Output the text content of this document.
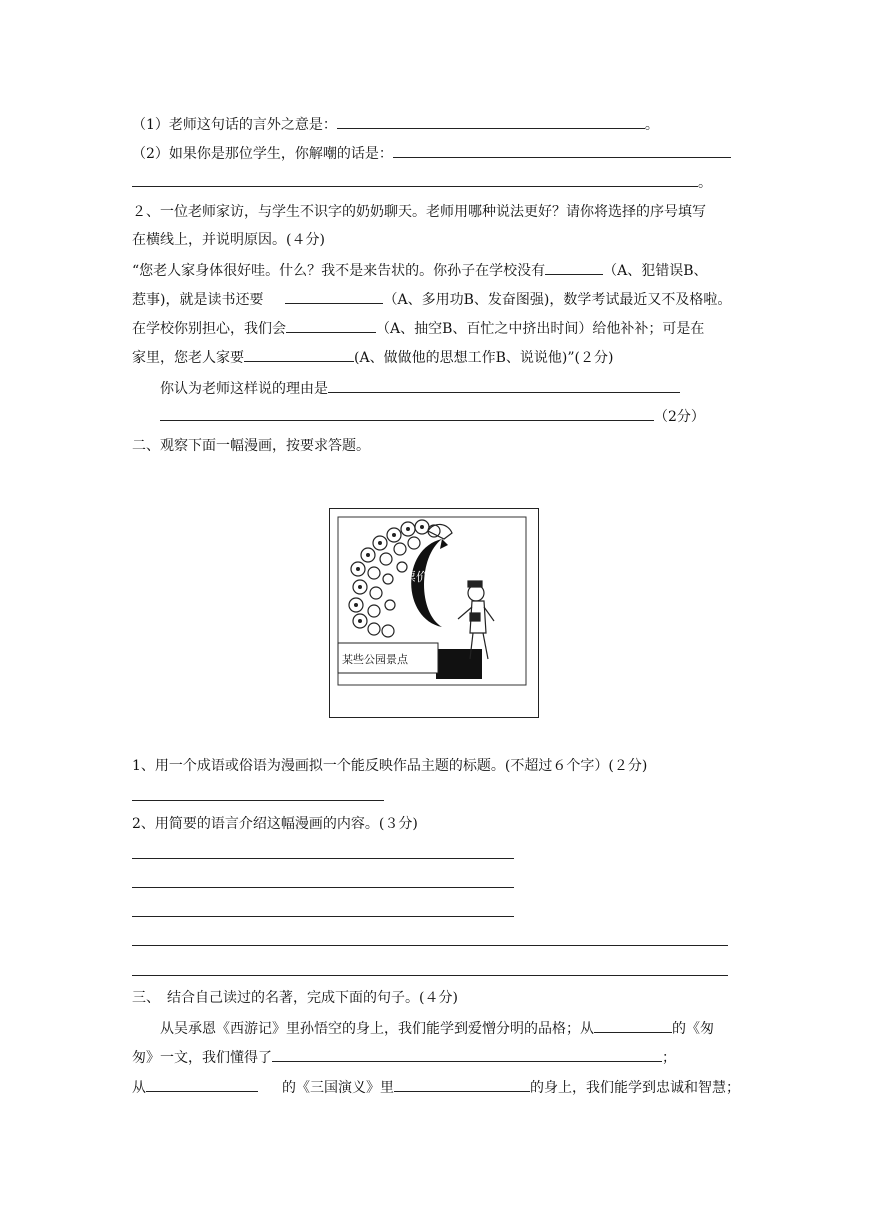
（1）老师这句话的言外之意是：	。
（2）如果你是那位学生，你解嘲的话是：
。
２、一位老师家访，与学生不识字的奶奶聊天。老师用哪种说法更好？请你将选择的序号填写
在横线上，并说明原因。(４分)
“您老人家身体很好哇。什么？我不是来告状的。你孙子在学校没有	（A、犯错误B、
惹事)，就是读书还要	（A、多用功B、发奋图强)，数学考试最近又不及格啦。
在学校你别担心，我们会	（A、抽空B、百忙之中挤出时间）给他补补；可是在
家里，您老人家要	(A、做做他的思想工作B、说说他)”(２分)
你认为老师这样说的理由是
（2分）
二、观察下面一幅漫画，按要求答题。
票价
某些公园景点
1、用一个成语或俗语为漫画拟一个能反映作品主题的标题。(不超过６个字）(２分)
2、用简要的语言介绍这幅漫画的内容。(３分)
三、　结合自己读过的名著，完成下面的句子。(４分)
从吴承恩《西游记》里孙悟空的身上，我们能学到爱憎分明的品格；从	的《匆
匆》一文，我们懂得了	；
从	的《三国演义》里	的身上，我们能学到忠诚和智慧；
